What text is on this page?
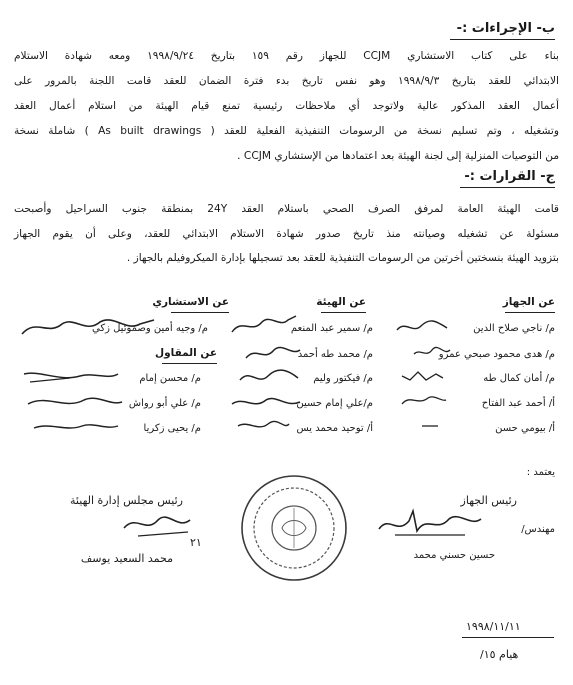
ب- الإجراءات :-
بناء على كتاب الاستشاري CCJM للجهاز رقم ١٥٩ بتاريخ ١٩٩٨/٩/٢٤ ومعه شهادة الاستلام
الابتدائي للعقد بتاريخ ١٩٩٨/٩/٣ وهو نفس تاريخ بدء فترة الضمان للعقد قامت اللجنة بالمرور على
أعمال العقد المذكور عالية ولاتوجد أي ملاحظات رئيسية تمنع قيام الهيئة من استلام أعمال العقد
وتشغيله ، وتم تسليم نسخة من الرسومات التنفيذية الفعلية للعقد ( As built drawings ) شاملة نسخة
من التوصيات المنزلية إلى لجنة الهيئة بعد اعتمادها من الإستشاري CCJM .
ج- القرارات :-
قامت الهيئة العامة لمرفق الصرف الصحي باستلام العقد 24Y بمنطقة جنوب السراحيل وأصبحت
مسئولة عن تشغيله وصيانته منذ تاريخ صدور شهادة الاستلام الابتدائي للعقد، وعلى أن يقوم الجهاز
بتزويد الهيئة بنسختين أخرتين من الرسومات التنفيذية للعقد بعد تسجيلها بإدارة الميكروفيلم بالجهاز .
عن الجهاز
عن الهيئة
عن الاستشاري
عن المقاول
م/ ناجي صلاح الدين
م/ هدى محمود صبحي عمرو
م/ أمان كمال طه
أ/ أحمد عبد الفتاح
أ/ بيومي حسن
م/ سمير عبد المنعم
م/ محمد طه أحمد
م/ فيكتور وليم
م/علي إمام حسين
أ/ توحيد محمد يس
م/ وجيه أمين وصموئيل زكي
م/ محسن إمام
م/ علي أبو رواش
م/ يحيى زكريا
يعتمد :
رئيس الجهاز
مهندس/
حسين حسني محمد
رئيس مجلس إدارة الهيئة
محمد السعيد يوسف
٢١
١٩٩٨/١١/١١
هيام ١٥/
